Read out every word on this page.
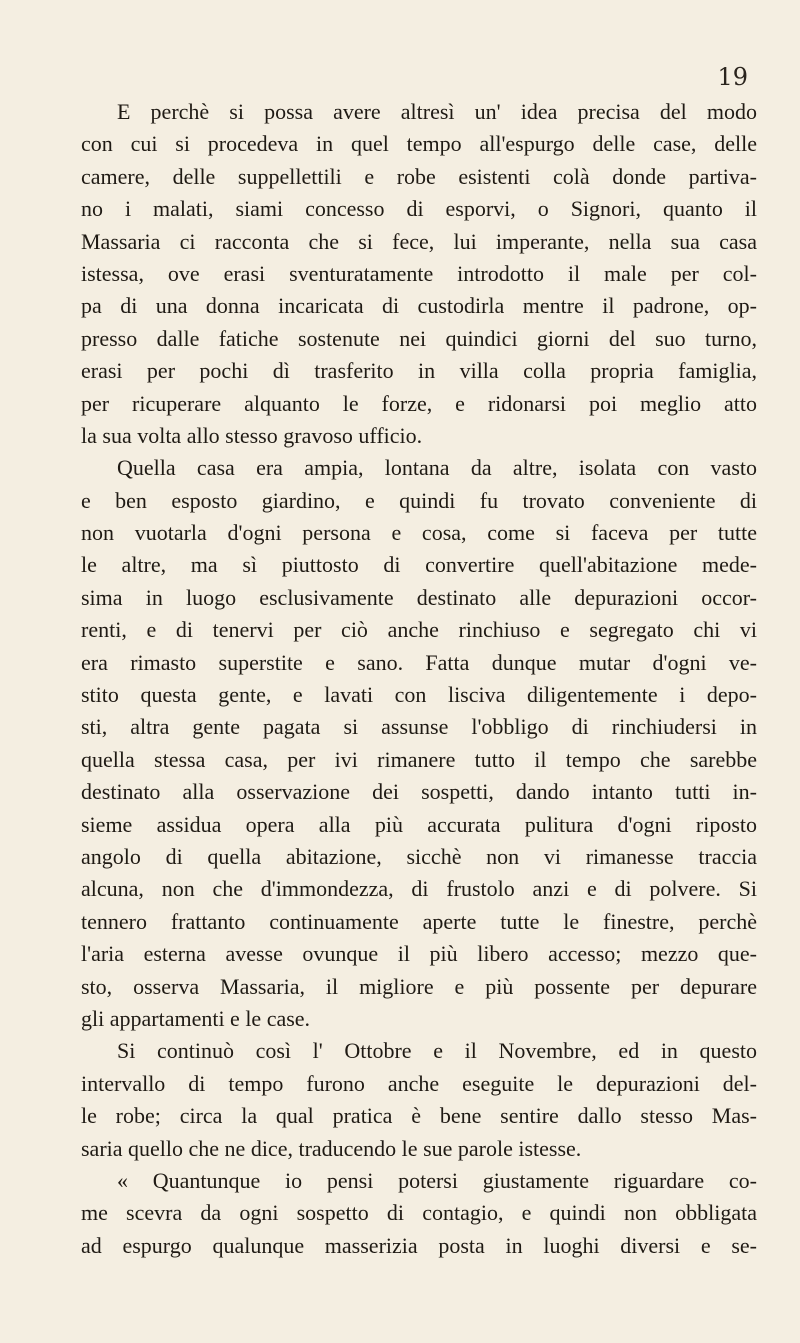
19
E perchè si possa avere altresì un' idea precisa del modo
con cui si procedeva in quel tempo all'espurgo delle case, delle
camere, delle suppellettili e robe esistenti colà donde partiva-
no i malati, siami concesso di esporvi, o Signori, quanto il
Massaria ci racconta che si fece, lui imperante, nella sua casa
istessa, ove erasi sventuratamente introdotto il male per col-
pa di una donna incaricata di custodirla mentre il padrone, op-
presso dalle fatiche sostenute nei quindici giorni del suo turno,
erasi per pochi dì trasferito in villa colla propria famiglia,
per ricuperare alquanto le forze, e ridonarsi poi meglio atto
la sua volta allo stesso gravoso ufficio.
Quella casa era ampia, lontana da altre, isolata con vasto
e ben esposto giardino, e quindi fu trovato conveniente di
non vuotarla d'ogni persona e cosa, come si faceva per tutte
le altre, ma sì piuttosto di convertire quell'abitazione mede-
sima in luogo esclusivamente destinato alle depurazioni occor-
renti, e di tenervi per ciò anche rinchiuso e segregato chi vi
era rimasto superstite e sano. Fatta dunque mutar d'ogni ve-
stito questa gente, e lavati con lisciva diligentemente i depo-
sti, altra gente pagata si assunse l'obbligo di rinchiudersi in
quella stessa casa, per ivi rimanere tutto il tempo che sarebbe
destinato alla osservazione dei sospetti, dando intanto tutti in-
sieme assidua opera alla più accurata pulitura d'ogni riposto
angolo di quella abitazione, sicchè non vi rimanesse traccia
alcuna, non che d'immondezza, di frustolo anzi e di polvere. Si
tennero frattanto continuamente aperte tutte le finestre, perchè
l'aria esterna avesse ovunque il più libero accesso; mezzo que-
sto, osserva Massaria, il migliore e più possente per depurare
gli appartamenti e le case.
Si continuò così l' Ottobre e il Novembre, ed in questo
intervallo di tempo furono anche eseguite le depurazioni del-
le robe; circa la qual pratica è bene sentire dallo stesso Mas-
saria quello che ne dice, traducendo le sue parole istesse.
« Quantunque io pensi potersi giustamente riguardare co-
me scevra da ogni sospetto di contagio, e quindi non obbligata
ad espurgo qualunque masserizia posta in luoghi diversi e se-
